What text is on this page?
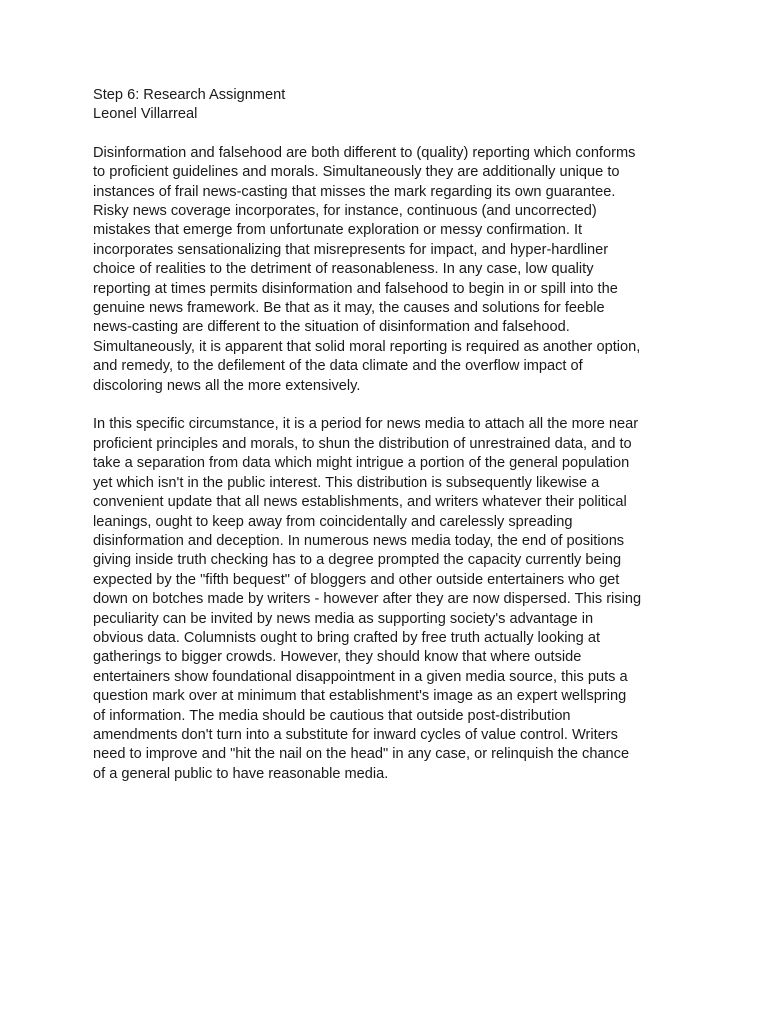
Step 6: Research Assignment
Leonel Villarreal
Disinformation and falsehood are both different to (quality) reporting which conforms
to proficient guidelines and morals. Simultaneously they are additionally unique to
instances of frail news-casting that misses the mark regarding its own guarantee.
Risky news coverage incorporates, for instance, continuous (and uncorrected)
mistakes that emerge from unfortunate exploration or messy confirmation. It
incorporates sensationalizing that misrepresents for impact, and hyper-hardliner
choice of realities to the detriment of reasonableness. In any case, low quality
reporting at times permits disinformation and falsehood to begin in or spill into the
genuine news framework. Be that as it may, the causes and solutions for feeble
news-casting are different to the situation of disinformation and falsehood.
Simultaneously, it is apparent that solid moral reporting is required as another option,
and remedy, to the defilement of the data climate and the overflow impact of
discoloring news all the more extensively.
In this specific circumstance, it is a period for news media to attach all the more near
proficient principles and morals, to shun the distribution of unrestrained data, and to
take a separation from data which might intrigue a portion of the general population
yet which isn't in the public interest. This distribution is subsequently likewise a
convenient update that all news establishments, and writers whatever their political
leanings, ought to keep away from coincidentally and carelessly spreading
disinformation and deception. In numerous news media today, the end of positions
giving inside truth checking has to a degree prompted the capacity currently being
expected by the "fifth bequest" of bloggers and other outside entertainers who get
down on botches made by writers - however after they are now dispersed. This rising
peculiarity can be invited by news media as supporting society's advantage in
obvious data. Columnists ought to bring crafted by free truth actually looking at
gatherings to bigger crowds. However, they should know that where outside
entertainers show foundational disappointment in a given media source, this puts a
question mark over at minimum that establishment's image as an expert wellspring
of information. The media should be cautious that outside post-distribution
amendments don't turn into a substitute for inward cycles of value control. Writers
need to improve and "hit the nail on the head" in any case, or relinquish the chance
of a general public to have reasonable media.
